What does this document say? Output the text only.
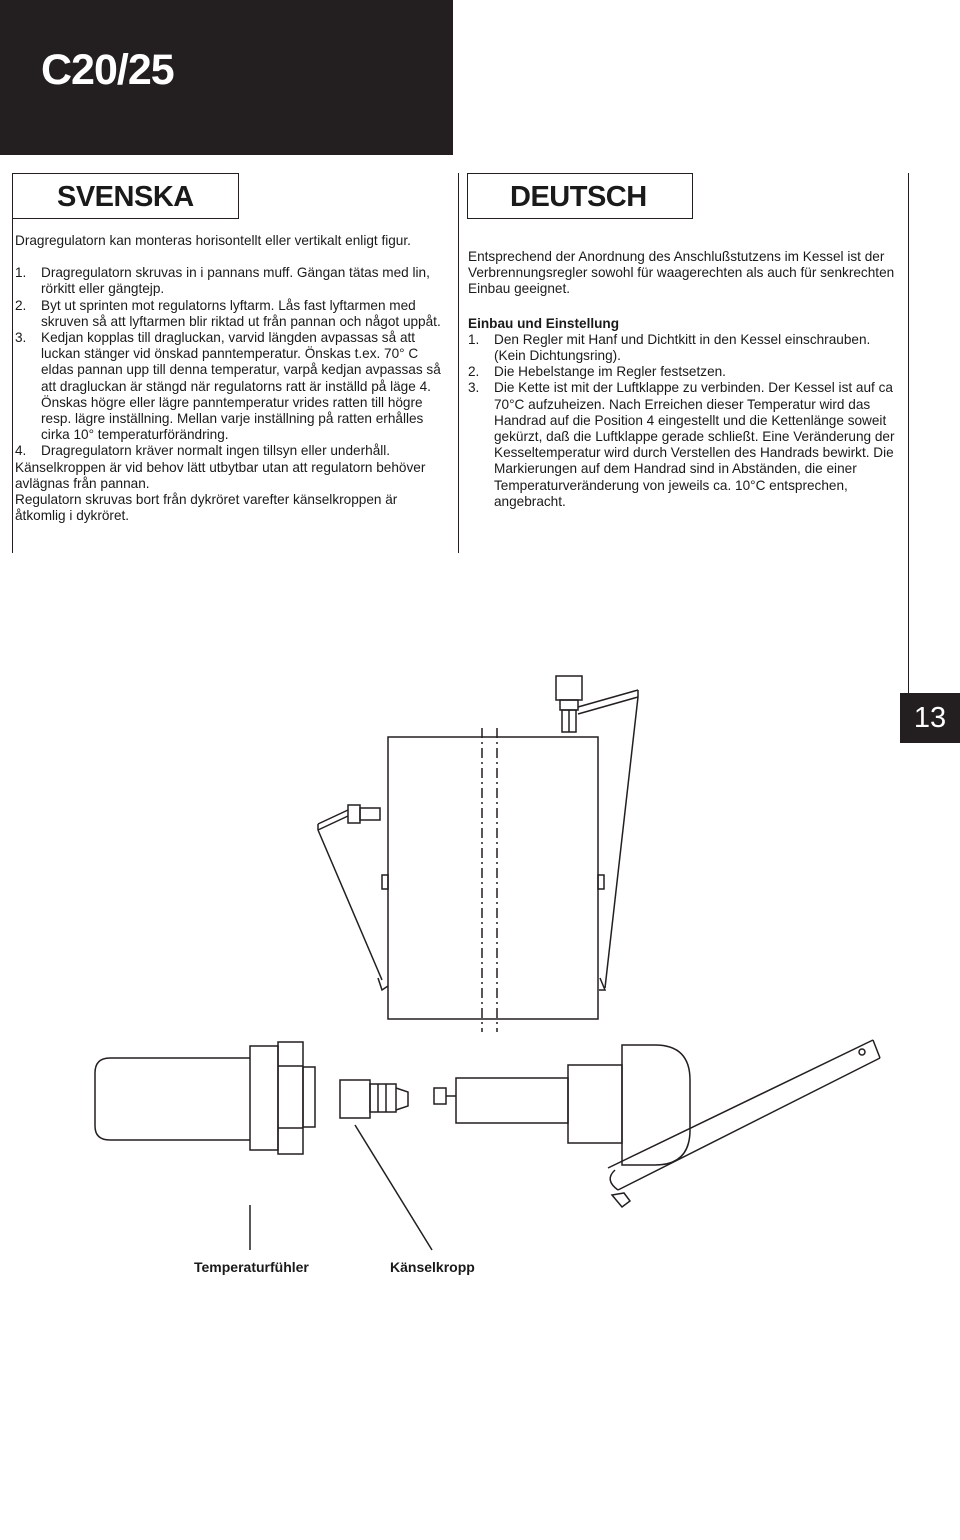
C20/25
SVENSKA

Dragregulatorn kan monteras horisontellt eller vertikalt enligt figur.

1.	Dragregulatorn skruvas in i pannans muff. Gängan tätas med lin, rörkitt eller gängtejp.
2.	Byt ut sprinten mot regulatorns lyftarm. Lås fast lyftarmen med skruven så att lyftarmen blir riktad ut från pannan och något uppåt.
3.	Kedjan kopplas till dragluckan, varvid längden avpassas så att luckan stänger vid önskad panntemperatur. Önskas t.ex. 70° C eldas pannan upp till denna temperatur, varpå kedjan avpassas så att dragluckan är stängd när regulatorns ratt är inställd på läge 4. Önskas högre eller lägre panntemperatur vrides ratten till högre resp. lägre inställning. Mellan varje inställning på ratten erhålles cirka 10° temperaturförändring.
4.	Dragregulatorn kräver normalt ingen tillsyn eller underhåll.

Känselkroppen är vid behov lätt utbytbar utan att regulatorn behöver avlägnas från pannan.

Regulatorn skruvas bort från dykröret varefter känselkroppen är åtkomlig i dykröret.

DEUTSCH

Entsprechend der Anordnung des Anschlußstutzens im Kessel ist der Verbrennungsregler sowohl für waagerechten als auch für senkrechten Einbau geeignet.

Einbau und Einstellung

1.	Den Regler mit Hanf und Dichtkitt in den Kessel einschrauben. (Kein Dichtungsring).
2.	Die Hebelstange im Regler festsetzen.
3.	Die Kette ist mit der Luftklappe zu verbinden. Der Kessel ist auf ca 70°C aufzuheizen. Nach Erreichen dieser Temperatur wird das Handrad auf die Position 4 eingestellt und die Kettenlänge soweit gekürzt, daß die Luftklappe gerade schließt. Eine Veränderung der Kesseltemperatur wird durch Verstellen des Handrads bewirkt. Die Markierungen auf dem Handrad sind in Abständen, die einer Temperaturveränderung von jeweils ca. 10°C entsprechen, angebracht.
13
Temperaturfühler	Känselkropp
